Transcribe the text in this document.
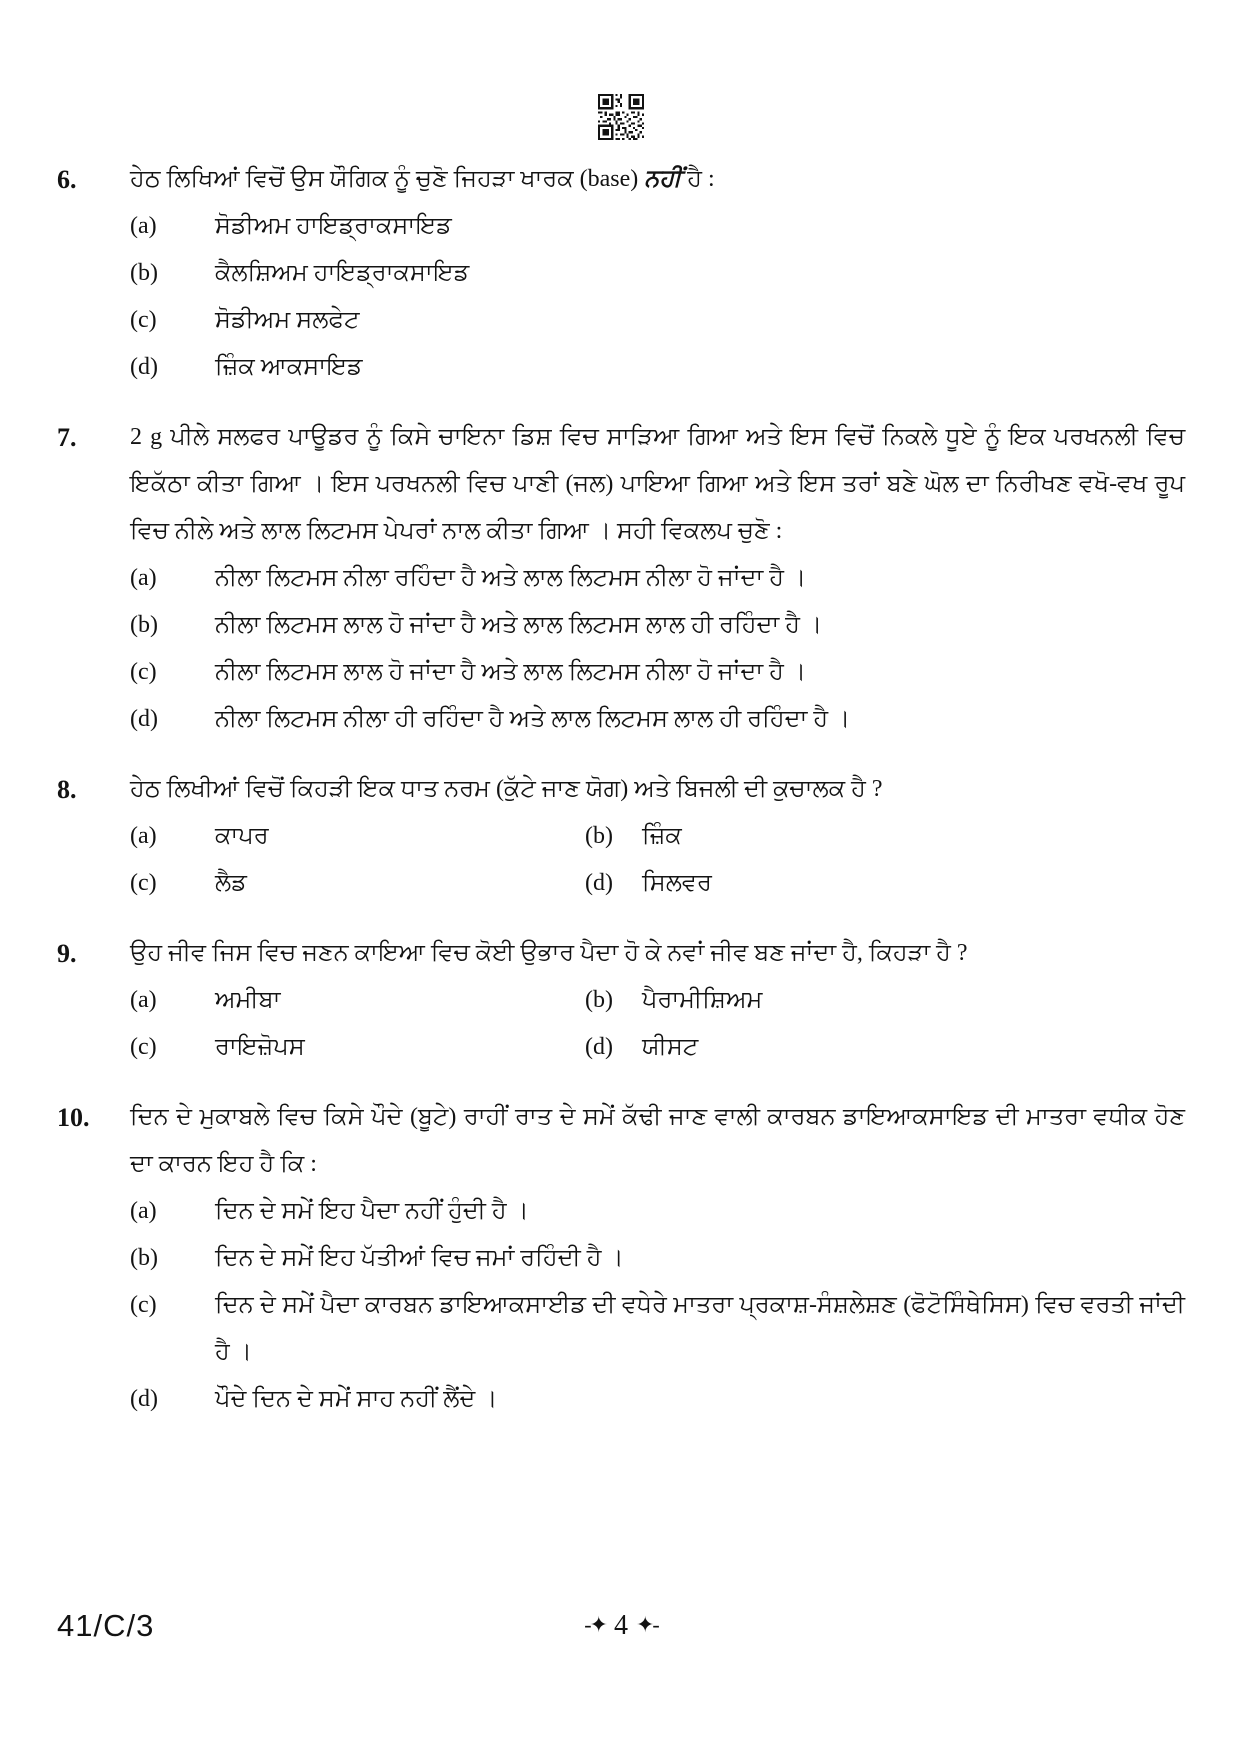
6.	ਹੇਠ ਲਿਖਿਆਂ ਵਿਚੋਂ ਉਸ ਯੌਗਿਕ ਨੂੰ ਚੁਣੋ ਜਿਹੜਾ ਖਾਰਕ (base) ਨਹੀਂ ਹੈ :
(a)	ਸੋਡੀਅਮ ਹਾਇਡ੍ਰਾਕਸਾਇਡ
(b)	ਕੈਲਸ਼ਿਅਮ ਹਾਇਡ੍ਰਾਕਸਾਇਡ
(c)	ਸੋਡੀਅਮ ਸਲਫੇਟ
(d)	ਜ਼ਿੰਕ ਆਕਸਾਇਡ
7.	2 g ਪੀਲੇ ਸਲਫਰ ਪਾਊਡਰ ਨੂੰ ਕਿਸੇ ਚਾਇਨਾ ਡਿਸ਼ ਵਿਚ ਸਾੜਿਆ ਗਿਆ ਅਤੇ ਇਸ ਵਿਚੋਂ ਨਿਕਲੇ ਧੂਏ ਨੂੰ ਇਕ ਪਰਖਨਲੀ ਵਿਚ ਇਕੱਠਾ ਕੀਤਾ ਗਿਆ । ਇਸ ਪਰਖਨਲੀ ਵਿਚ ਪਾਣੀ (ਜਲ) ਪਾਇਆ ਗਿਆ ਅਤੇ ਇਸ ਤਰਾਂ ਬਣੇ ਘੋਲ ਦਾ ਨਿਰੀਖਣ ਵਖੋ-ਵਖ ਰੂਪ ਵਿਚ ਨੀਲੇ ਅਤੇ ਲਾਲ ਲਿਟਮਸ ਪੇਪਰਾਂ ਨਾਲ ਕੀਤਾ ਗਿਆ । ਸਹੀ ਵਿਕਲਪ ਚੁਣੋ :
(a)	ਨੀਲਾ ਲਿਟਮਸ ਨੀਲਾ ਰਹਿੰਦਾ ਹੈ ਅਤੇ ਲਾਲ ਲਿਟਮਸ ਨੀਲਾ ਹੋ ਜਾਂਦਾ ਹੈ ।
(b)	ਨੀਲਾ ਲਿਟਮਸ ਲਾਲ ਹੋ ਜਾਂਦਾ ਹੈ ਅਤੇ ਲਾਲ ਲਿਟਮਸ ਲਾਲ ਹੀ ਰਹਿੰਦਾ ਹੈ ।
(c)	ਨੀਲਾ ਲਿਟਮਸ ਲਾਲ ਹੋ ਜਾਂਦਾ ਹੈ ਅਤੇ ਲਾਲ ਲਿਟਮਸ ਨੀਲਾ ਹੋ ਜਾਂਦਾ ਹੈ ।
(d)	ਨੀਲਾ ਲਿਟਮਸ ਨੀਲਾ ਹੀ ਰਹਿੰਦਾ ਹੈ ਅਤੇ ਲਾਲ ਲਿਟਮਸ ਲਾਲ ਹੀ ਰਹਿੰਦਾ ਹੈ ।
8.	ਹੇਠ ਲਿਖੀਆਂ ਵਿਚੋਂ ਕਿਹੜੀ ਇਕ ਧਾਤ ਨਰਮ (ਕੁੱਟੇ ਜਾਣ ਯੋਗ) ਅਤੇ ਬਿਜਲੀ ਦੀ ਕੁਚਾਲਕ ਹੈ ?
(a)	ਕਾਪਰ	(b)	ਜ਼ਿੰਕ
(c)	ਲੈਡ	(d)	ਸਿਲਵਰ
9.	ਉਹ ਜੀਵ ਜਿਸ ਵਿਚ ਜਣਨ ਕਾਇਆ ਵਿਚ ਕੋਈ ਉਭਾਰ ਪੈਦਾ ਹੋ ਕੇ ਨਵਾਂ ਜੀਵ ਬਣ ਜਾਂਦਾ ਹੈ, ਕਿਹੜਾ ਹੈ ?
(a)	ਅਮੀਬਾ	(b)	ਪੈਰਾਮੀਸ਼ਿਅਮ
(c)	ਰਾਇਜ਼ੋਪਸ	(d)	ਯੀਸਟ
10.	ਦਿਨ ਦੇ ਮੁਕਾਬਲੇ ਵਿਚ ਕਿਸੇ ਪੌਦੇ (ਬੂਟੇ) ਰਾਹੀਂ ਰਾਤ ਦੇ ਸਮੇਂ ਕੱਢੀ ਜਾਣ ਵਾਲੀ ਕਾਰਬਨ ਡਾਇਆਕਸਾਇਡ ਦੀ ਮਾਤਰਾ ਵਧੀਕ ਹੋਣ ਦਾ ਕਾਰਨ ਇਹ ਹੈ ਕਿ :
(a)	ਦਿਨ ਦੇ ਸਮੇਂ ਇਹ ਪੈਦਾ ਨਹੀਂ ਹੁੰਦੀ ਹੈ ।
(b)	ਦਿਨ ਦੇ ਸਮੇਂ ਇਹ ਪੱਤੀਆਂ ਵਿਚ ਜਮਾਂ ਰਹਿੰਦੀ ਹੈ ।
(c)	ਦਿਨ ਦੇ ਸਮੇਂ ਪੈਦਾ ਕਾਰਬਨ ਡਾਇਆਕਸਾਈਡ ਦੀ ਵਧੇਰੇ ਮਾਤਰਾ ਪ੍ਰਕਾਸ਼-ਸੰਸ਼ਲੇਸ਼ਣ (ਫੋਟੋਸਿੰਥੇਸਿਸ) ਵਿਚ ਵਰਤੀ ਜਾਂਦੀ ਹੈ ।
(d)	ਪੌਦੇ ਦਿਨ ਦੇ ਸਮੇਂ ਸਾਹ ਨਹੀਂ ਲੈਂਦੇ ।
41/C/3	-✦ 4 ✦-
